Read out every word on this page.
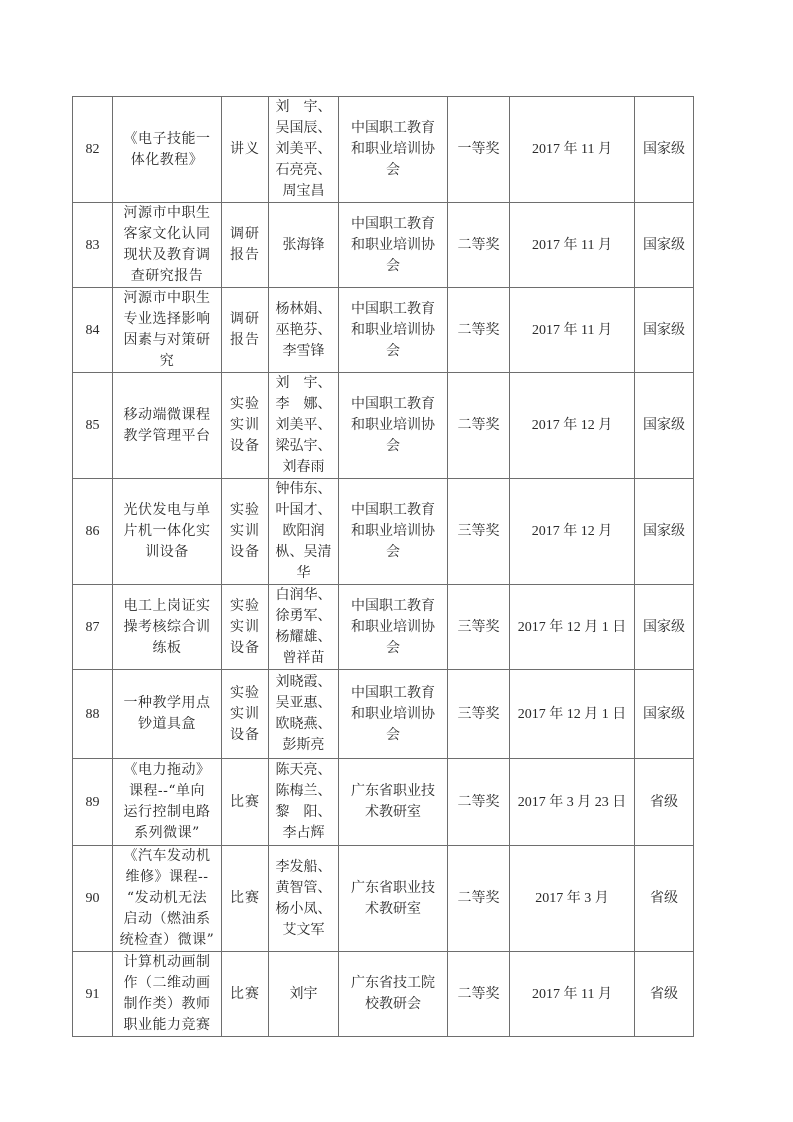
82	《电子技能一
体化教程》	讲义	刘　宇、
吴国辰、
刘美平、
石亮亮、
周宝昌	中国职工教育
和职业培训协
会	一等奖	2017 年 11 月	国家级
83	河源市中职生
客家文化认同
现状及教育调
查研究报告	调研
报告	张海锋	中国职工教育
和职业培训协
会	二等奖	2017 年 11 月	国家级
84	河源市中职生
专业选择影响
因素与对策研
究	调研
报告	杨林娟、
巫艳芬、
李雪锋	中国职工教育
和职业培训协
会	二等奖	2017 年 11 月	国家级
85	移动端微课程
教学管理平台	实验
实训
设备	刘　宇、
李　娜、
刘美平、
梁弘宇、
刘春雨	中国职工教育
和职业培训协
会	二等奖	2017 年 12 月	国家级
86	光伏发电与单
片机一体化实
训设备	实验
实训
设备	钟伟东、
叶国才、
欧阳润
枞、吴清
华	中国职工教育
和职业培训协
会	三等奖	2017 年 12 月	国家级
87	电工上岗证实
操考核综合训
练板	实验
实训
设备	白润华、
徐勇军、
杨耀雄、
曾祥苗	中国职工教育
和职业培训协
会	三等奖	2017 年 12 月 1 日	国家级
88	一种教学用点
钞道具盒	实验
实训
设备	刘晓霞、
吴亚惠、
欧晓燕、
彭斯亮	中国职工教育
和职业培训协
会	三等奖	2017 年 12 月 1 日	国家级
89	《电力拖动》
课程--“单向
运行控制电路
系列微课”	比赛	陈天亮、
陈梅兰、
黎　阳、
李占辉	广东省职业技
术教研室	二等奖	2017 年 3 月 23 日	省级
90	《汽车发动机
维修》课程--
“发动机无法
启动（燃油系
统检查）微课”	比赛	李发船、
黄智管、
杨小凤、
艾文军	广东省职业技
术教研室	二等奖	2017 年 3 月	省级
91	计算机动画制
作（二维动画
制作类）教师
职业能力竞赛	比赛	刘宇	广东省技工院
校教研会	二等奖	2017 年 11 月	省级
